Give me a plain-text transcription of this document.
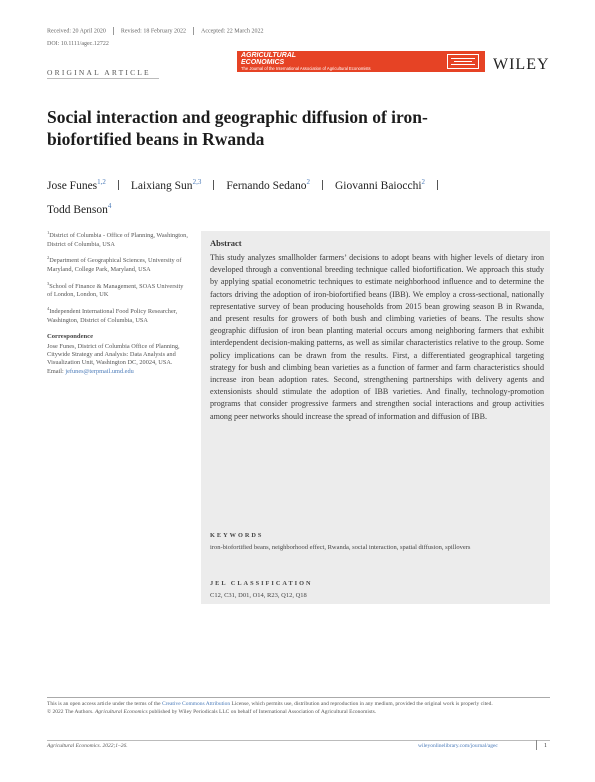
Received: 20 April 2020	Revised: 18 February 2022	Accepted: 22 March 2022
DOI: 10.1111/agec.12722
ORIGINAL ARTICLE
AGRICULTURAL
ECONOMICS
The Journal of the International Association of Agricultural Economists	WILEY
Social interaction and geographic diffusion of iron-biofortified beans in Rwanda
Jose Funes$^{1,2}$ Laixiang Sun$^{2,3}$ Fernando Sedano$^2$ Giovanni Baiocchi$^2$
Todd Benson$^4$
$^1$District of Columbia - Office of Planning, Washington, District of Columbia, USA
$^2$Department of Geographical Sciences, University of Maryland, College Park, Maryland, USA
$^3$School of Finance & Management, SOAS University of London, London, UK
$^4$Independent International Food Policy Researcher, Washington, District of Columbia, USA
Correspondence
Jose Funes, District of Columbia Office of Planning, Citywide Strategy and Analysis: Data Analysis and Visualization Unit, Washington DC, 20024, USA.
Email: jefunes@terpmail.umd.edu
Abstract

This study analyzes smallholder farmers’ decisions to adopt beans with higher levels of dietary iron developed through a conventional breeding technique called biofortification. We approach this study by applying spatial econometric techniques to estimate neighborhood influence and to determine the factors driving the adoption of iron-biofortified beans (IBB). We employ a cross-sectional, nationally representative survey of bean producing households from 2015 bean growing season B in Rwanda, and present results for growers of both bush and climbing varieties of beans. The results show geographic diffusion of iron bean planting material occurs among neighboring farmers that exhibit interdependent decision-making patterns, as well as similar characteristics relative to the group. Some policy implications can be drawn from the results. First, a differentiated geographical targeting strategy for bush and climbing bean varieties as a function of farmer and farm characteristics should increase iron bean adoption rates. Second, strengthening partnerships with delivery agents and extensionists should stimulate the adoption of IBB varieties. And finally, technology-promotion programs that consider progressive farmers and strengthen social interactions and group activities among peer networks should increase the spread of information and diffusion of IBB.

KEYWORDS
iron-biofortified beans, neighborhood effect, Rwanda, social interaction, spatial diffusion, spillovers
JEL CLASSIFICATION
C12, C31, D01, O14, R23, Q12, Q18
This is an open access article under the terms of the Creative Commons Attribution License, which permits use, distribution and reproduction in any medium, provided the original work is properly cited.
© 2022 The Authors. Agricultural Economics published by Wiley Periodicals LLC on behalf of International Association of Agricultural Economists.
Agricultural Economics. 2022;1–26.	wileyonlinelibrary.com/journal/agec	1
